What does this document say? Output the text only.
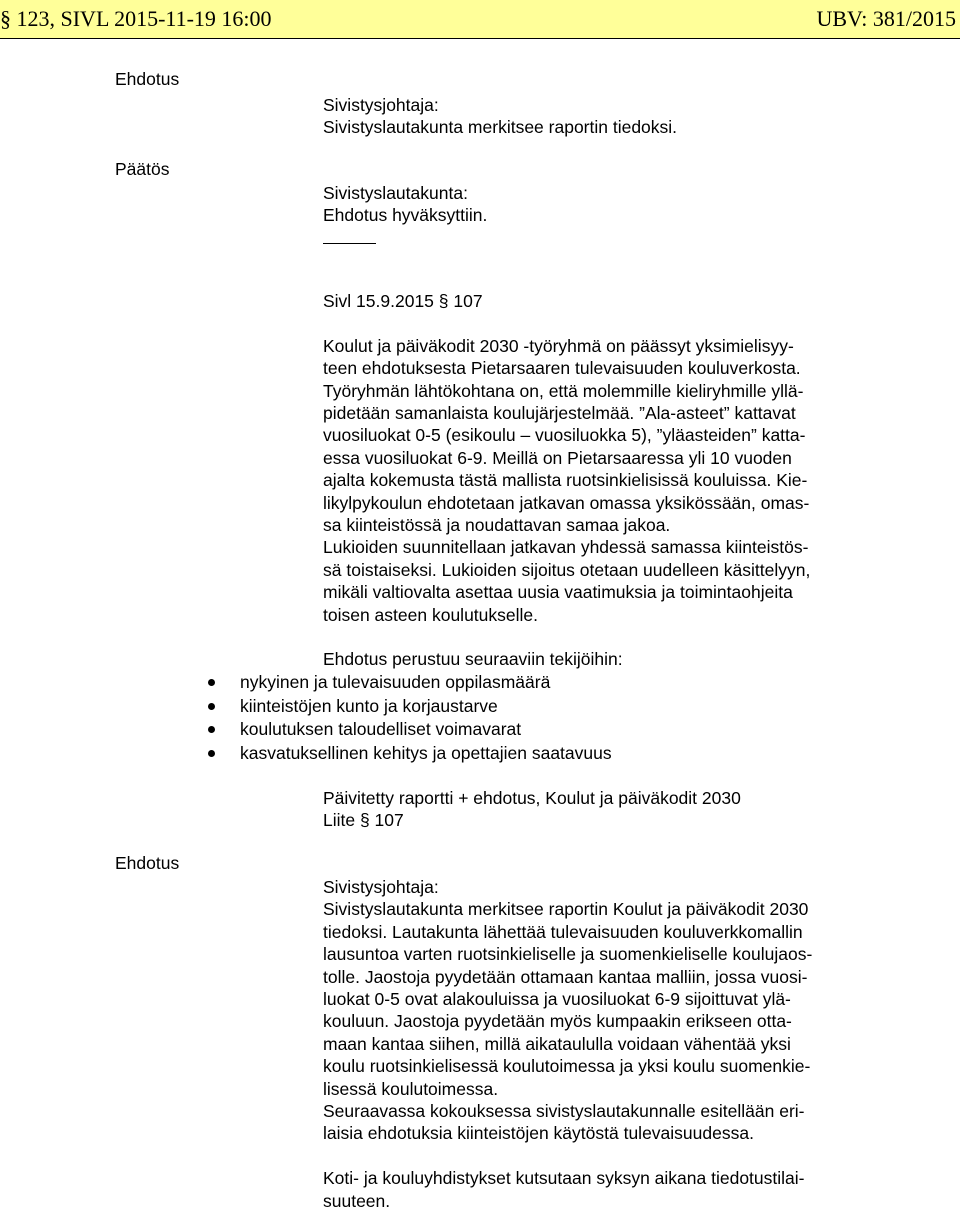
§ 123, SIVL 2015-11-19 16:00	UBV: 381/2015
Ehdotus
Sivistysjohtaja:
Sivistyslautakunta merkitsee raportin tiedoksi.
Päätös
Sivistyslautakunta:
Ehdotus hyväksyttiin.
Sivl 15.9.2015 § 107
Koulut ja päiväkodit 2030 -työryhmä on päässyt yksimielisyy-
teen ehdotuksesta Pietarsaaren tulevaisuuden kouluverkosta.
Työryhmän lähtökohtana on, että molemmille kieliryhmille yllä-
pidetään samanlaista koulujärjestelmää. ”Ala-asteet” kattavat
vuosiluokat 0-5 (esikoulu – vuosiluokka 5), ”yläasteiden” katta-
essa vuosiluokat 6-9. Meillä on Pietarsaaressa yli 10 vuoden
ajalta kokemusta tästä mallista ruotsinkielisissä kouluissa. Kie-
likylpykoulun ehdotetaan jatkavan omassa yksikössään, omas-
sa kiinteistössä ja noudattavan samaa jakoa.
Lukioiden suunnitellaan jatkavan yhdessä samassa kiinteistös-
sä toistaiseksi. Lukioiden sijoitus otetaan uudelleen käsittelyyn,
mikäli valtiovalta asettaa uusia vaatimuksia ja toimintaohjeita
toisen asteen koulutukselle.
Ehdotus perustuu seuraaviin tekijöihin:
nykyinen ja tulevaisuuden oppilasmäärä
kiinteistöjen kunto ja korjaustarve
koulutuksen taloudelliset voimavarat
kasvatuksellinen kehitys ja opettajien saatavuus
Päivitetty raportti + ehdotus, Koulut ja päiväkodit 2030
Liite § 107
Ehdotus
Sivistysjohtaja:
Sivistyslautakunta merkitsee raportin Koulut ja päiväkodit 2030
tiedoksi. Lautakunta lähettää tulevaisuuden kouluverkkomallin
lausuntoa varten ruotsinkieliselle ja suomenkieliselle koulujaos-
tolle. Jaostoja pyydetään ottamaan kantaa malliin, jossa vuosi-
luokat 0-5 ovat alakouluissa ja vuosiluokat 6-9 sijoittuvat ylä-
kouluun. Jaostoja pyydetään myös kumpaakin erikseen otta-
maan kantaa siihen, millä aikataululla voidaan vähentää yksi
koulu ruotsinkielisessä koulutoimessa ja yksi koulu suomenkie-
lisessä koulutoimessa.
Seuraavassa kokouksessa sivistyslautakunnalle esitellään eri-
laisia ehdotuksia kiinteistöjen käytöstä tulevaisuudessa.
Koti- ja kouluyhdistykset kutsutaan syksyn aikana tiedotustilai-
suuteen.
